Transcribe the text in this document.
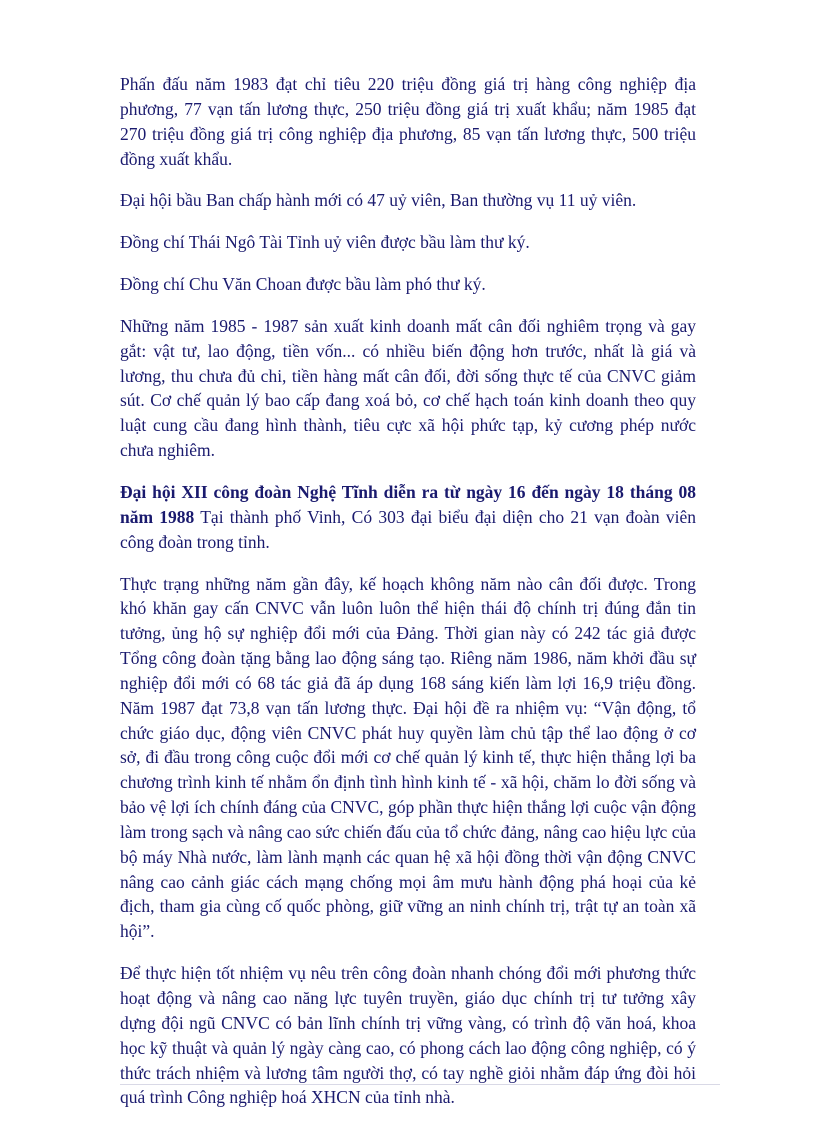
Phấn đấu năm 1983 đạt chỉ tiêu 220 triệu đồng giá trị hàng công nghiệp địa phương, 77 vạn tấn lương thực, 250 triệu đồng giá trị xuất khẩu; năm 1985 đạt 270 triệu đồng giá trị công nghiệp địa phương, 85 vạn tấn lương thực, 500 triệu đồng xuất khẩu.

Đại hội bầu Ban chấp hành mới có 47 uỷ viên, Ban thường vụ 11 uỷ viên.

Đồng chí Thái Ngô Tài Tỉnh uỷ viên được bầu làm thư ký.

Đồng chí Chu Văn Choan được bầu làm phó thư ký.

Những năm 1985 - 1987 sản xuất kinh doanh mất cân đối nghiêm trọng và gay gắt: vật tư, lao động, tiền vốn... có nhiều biến động hơn trước, nhất là giá và lương, thu chưa đủ chi, tiền hàng mất cân đối, đời sống thực tế của CNVC giảm sút. Cơ chế quản lý bao cấp đang xoá bỏ, cơ chế hạch toán kinh doanh theo quy luật cung cầu đang hình thành, tiêu cực xã hội phức tạp, kỷ cương phép nước chưa nghiêm.

Đại hội XII công đoàn Nghệ Tĩnh diễn ra từ ngày 16 đến ngày 18 tháng 08 năm 1988 Tại thành phố Vinh, Có 303 đại biểu đại diện cho 21 vạn đoàn viên công đoàn trong tỉnh.

Thực trạng những năm gần đây, kế hoạch không năm nào cân đối được. Trong khó khăn gay cấn CNVC vẫn luôn luôn thể hiện thái độ chính trị đúng đắn tin tưởng, ủng hộ sự nghiệp đổi mới của Đảng. Thời gian này có 242 tác giả được Tổng công đoàn tặng bằng lao động sáng tạo. Riêng năm 1986, năm khởi đầu sự nghiệp đổi mới có 68 tác giả đã áp dụng 168 sáng kiến làm lợi 16,9 triệu đồng. Năm 1987 đạt 73,8 vạn tấn lương thực. Đại hội đề ra nhiệm vụ: “Vận động, tổ chức giáo dục, động viên CNVC phát huy quyền làm chủ tập thể lao động ở cơ sở, đi đầu trong công cuộc đổi mới cơ chế quản lý kinh tế, thực hiện thắng lợi ba chương trình kinh tế nhằm ổn định tình hình kinh tế - xã hội, chăm lo đời sống và bảo vệ lợi ích chính đáng của CNVC, góp phần thực hiện thắng lợi cuộc vận động làm trong sạch và nâng cao sức chiến đấu của tổ chức đảng, nâng cao hiệu lực của bộ máy Nhà nước, làm lành mạnh các quan hệ xã hội đồng thời vận động CNVC nâng cao cảnh giác cách mạng chống mọi âm mưu hành động phá hoại của kẻ địch, tham gia cùng cố quốc phòng, giữ vững an ninh chính trị, trật tự an toàn xã hội”.

Để thực hiện tốt nhiệm vụ nêu trên công đoàn nhanh chóng đổi mới phương thức hoạt động và nâng cao năng lực tuyên truyền, giáo dục chính trị tư tưởng xây dựng đội ngũ CNVC có bản lĩnh chính trị vững vàng, có trình độ văn hoá, khoa học kỹ thuật và quản lý ngày càng cao, có phong cách lao động công nghiệp, có ý thức trách nhiệm và lương tâm người thợ, có tay nghề giỏi nhằm đáp ứng đòi hỏi quá trình Công nghiệp hoá XHCN của tỉnh nhà.
